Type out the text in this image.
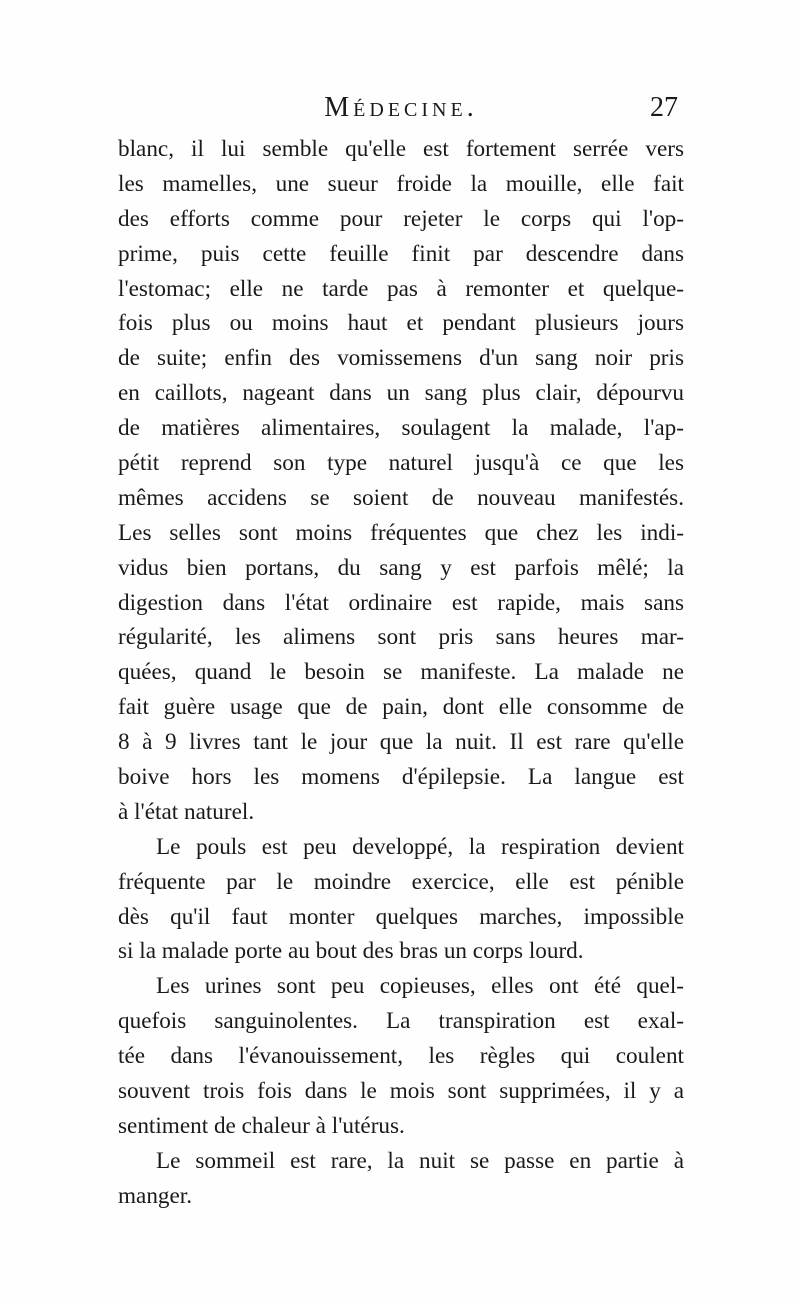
Médecine.	27
blanc, il lui semble qu'elle est fortement serrée vers
les mamelles, une sueur froide la mouille, elle fait
des efforts comme pour rejeter le corps qui l'op-
prime, puis cette feuille finit par descendre dans
l'estomac; elle ne tarde pas à remonter et quelque-
fois plus ou moins haut et pendant plusieurs jours
de suite; enfin des vomissemens d'un sang noir pris
en caillots, nageant dans un sang plus clair, dépourvu
de matières alimentaires, soulagent la malade, l'ap-
pétit reprend son type naturel jusqu'à ce que les
mêmes accidens se soient de nouveau manifestés.
Les selles sont moins fréquentes que chez les indi-
vidus bien portans, du sang y est parfois mêlé; la
digestion dans l'état ordinaire est rapide, mais sans
régularité, les alimens sont pris sans heures mar-
quées, quand le besoin se manifeste. La malade ne
fait guère usage que de pain, dont elle consomme de
8 à 9 livres tant le jour que la nuit. Il est rare qu'elle
boive hors les momens d'épilepsie. La langue est
à l'état naturel.
Le pouls est peu developpé, la respiration devient
fréquente par le moindre exercice, elle est pénible
dès qu'il faut monter quelques marches, impossible
si la malade porte au bout des bras un corps lourd.
Les urines sont peu copieuses, elles ont été quel-
quefois sanguinolentes. La transpiration est exal-
tée dans l'évanouissement, les règles qui coulent
souvent trois fois dans le mois sont supprimées, il y a
sentiment de chaleur à l'utérus.
Le sommeil est rare, la nuit se passe en partie à
manger.
